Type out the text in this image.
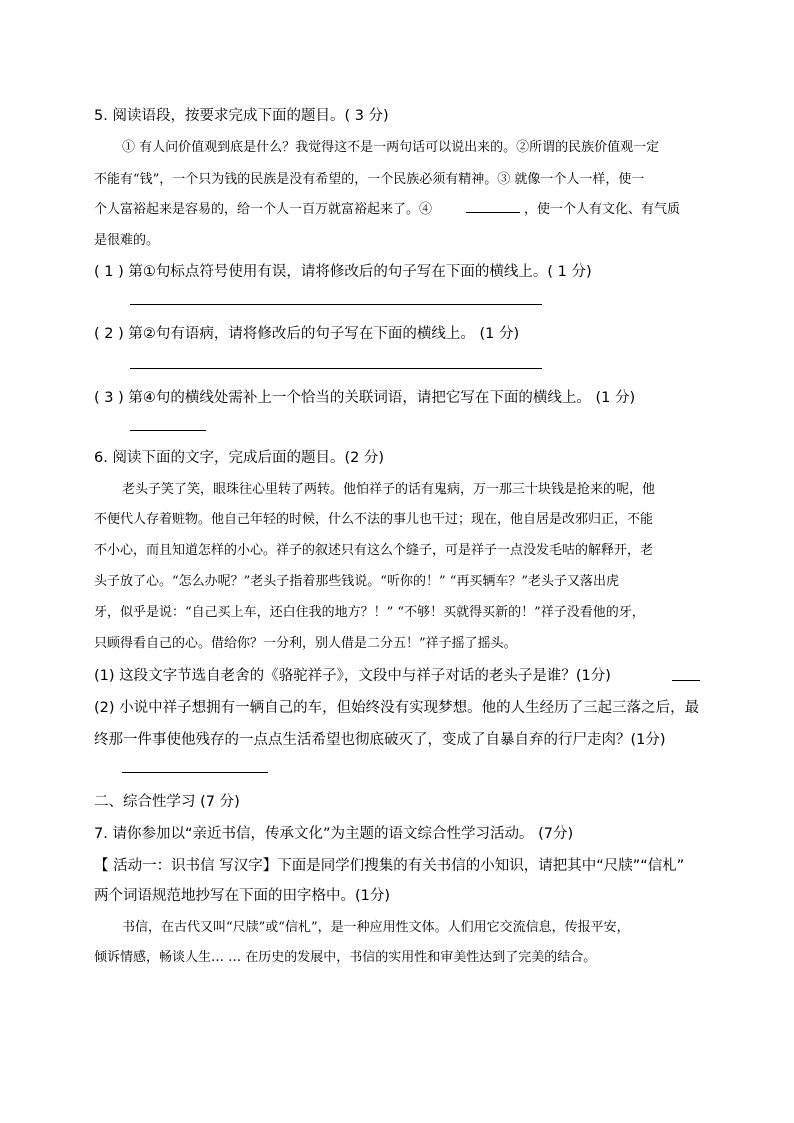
5. 阅读语段，按要求完成下面的题目。( 3 分)
① 有人问价值观到底是什么？我觉得这不是一两句话可以说出来的。②所谓的民族价值观一定
不能有“钱”，一个只为钱的民族是没有希望的，一个民族必须有精神。③ 就像一个人一样，使一
个人富裕起来是容易的，给一个人一百万就富裕起来了。④	，使一个人有文化、有气质
是很难的。
( 1 ) 第①句标点符号使用有误，请将修改后的句子写在下面的横线上。( 1 分)
( 2 ) 第②句有语病，请将修改后的句子写在下面的横线上。 (1 分)
( 3 ) 第④句的横线处需补上一个恰当的关联词语，请把它写在下面的横线上。 (1 分)
6. 阅读下面的文字，完成后面的题目。(2 分)
老头子笑了笑，眼珠往心里转了两转。他怕祥子的话有鬼病，万一那三十块钱是抢来的呢，他
不便代人存着赃物。他自己年轻的时候，什么不法的事儿也干过；现在，他自居是改邪归正，不能
不小心，而且知道怎样的小心。祥子的叙述只有这么个缝子，可是祥子一点没发毛咕的解释开，老
头子放了心。“怎么办呢？”老头子指着那些钱说。“听你的！” “再买辆车？”老头子又落出虎
牙，似乎是说：“自己买上车，还白住我的地方？！” “不够！买就得买新的！”祥子没看他的牙，
只顾得看自己的心。借给你？一分利，别人借是二分五！”祥子摇了摇头。
(1) 这段文字节选自老舍的《骆驼祥子》，文段中与祥子对话的老头子是谁？(1分)
(2) 小说中祥子想拥有一辆自己的车，但始终没有实现梦想。他的人生经历了三起三落之后，最
终那一件事使他残存的一点点生活希望也彻底破灭了，变成了自暴自弃的行尸走肉？(1分)
二、综合性学习 (7 分)
7. 请你参加以“亲近书信，传承文化”为主题的语文综合性学习活动。 (7分)
【 活动一：识书信 写汉字】下面是同学们搜集的有关书信的小知识，请把其中“尺牍”“信札”
两个词语规范地抄写在下面的田字格中。(1分)
书信，在古代又叫“尺牍”或“信札”，是一种应用性文体。人们用它交流信息，传报平安，
倾诉情感，畅谈人生… … 在历史的发展中，书信的实用性和审美性达到了完美的结合。
